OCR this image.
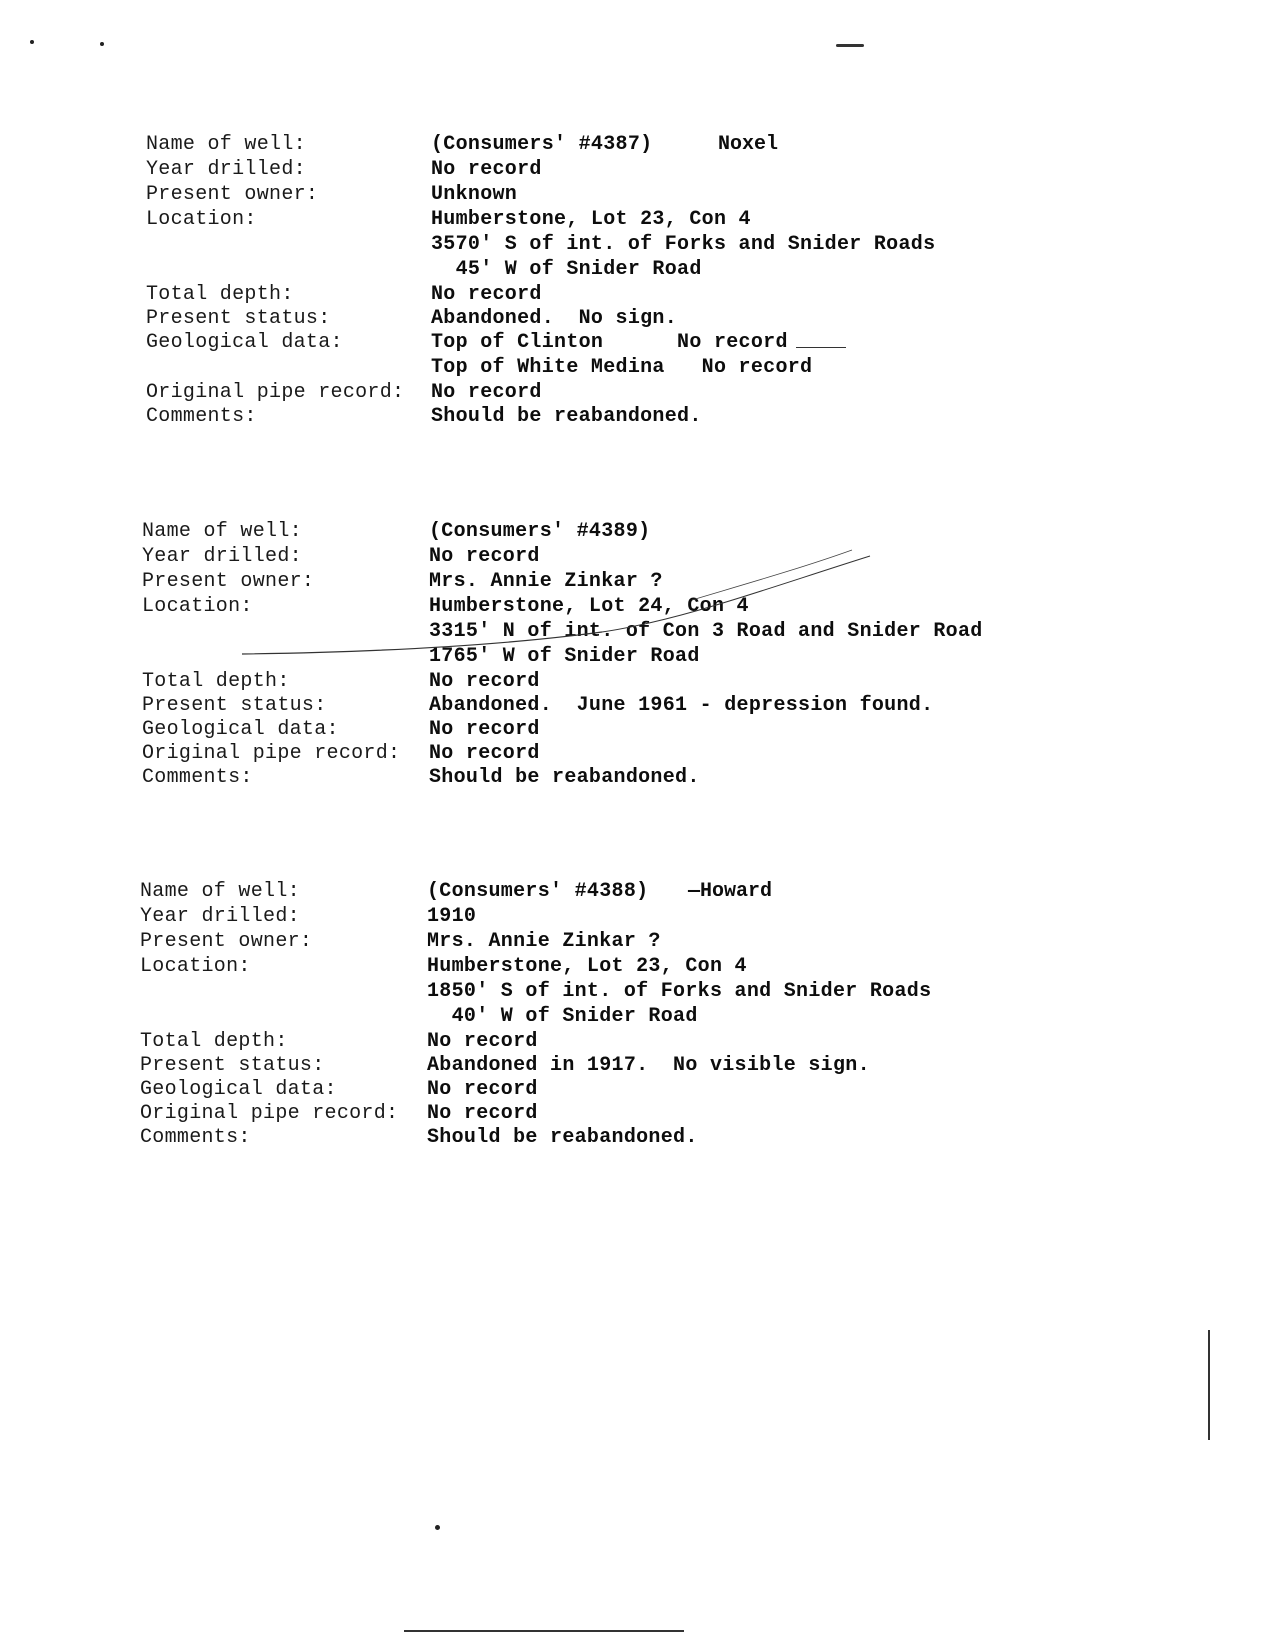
Name of well:	(Consumers' #4387)	Noxel
Year drilled:	No record
Present owner:	Unknown
Location:	Humberstone, Lot 23, Con 4
3570' S of int. of Forks and Snider Roads
45' W of Snider Road
Total depth:	No record
Present status:	Abandoned.  No sign.
Geological data:	Top of Clinton      No record
Top of White Medina   No record
Original pipe record: No record
Comments:	Should be reabandoned.
Name of well:	(Consumers' #4389)
Year drilled:	No record
Present owner:	Mrs. Annie Zinkar ?
Location:	Humberstone, Lot 24, Con 4
3315' N of int. of Con 3 Road and Snider Road
1765' W of Snider Road
Total depth:	No record
Present status:	Abandoned.  June 1961 - depression found.
Geological data:	No record
Original pipe record: No record
Comments:	Should be reabandoned.
Name of well:	(Consumers' #4388) —Howard
Year drilled:	1910
Present owner:	Mrs. Annie Zinkar ?
Location:	Humberstone, Lot 23, Con 4
1850' S of int. of Forks and Snider Roads
40' W of Snider Road
Total depth:	No record
Present status:	Abandoned in 1917.  No visible sign.
Geological data:	No record
Original pipe record: No record
Comments:	Should be reabandoned.
